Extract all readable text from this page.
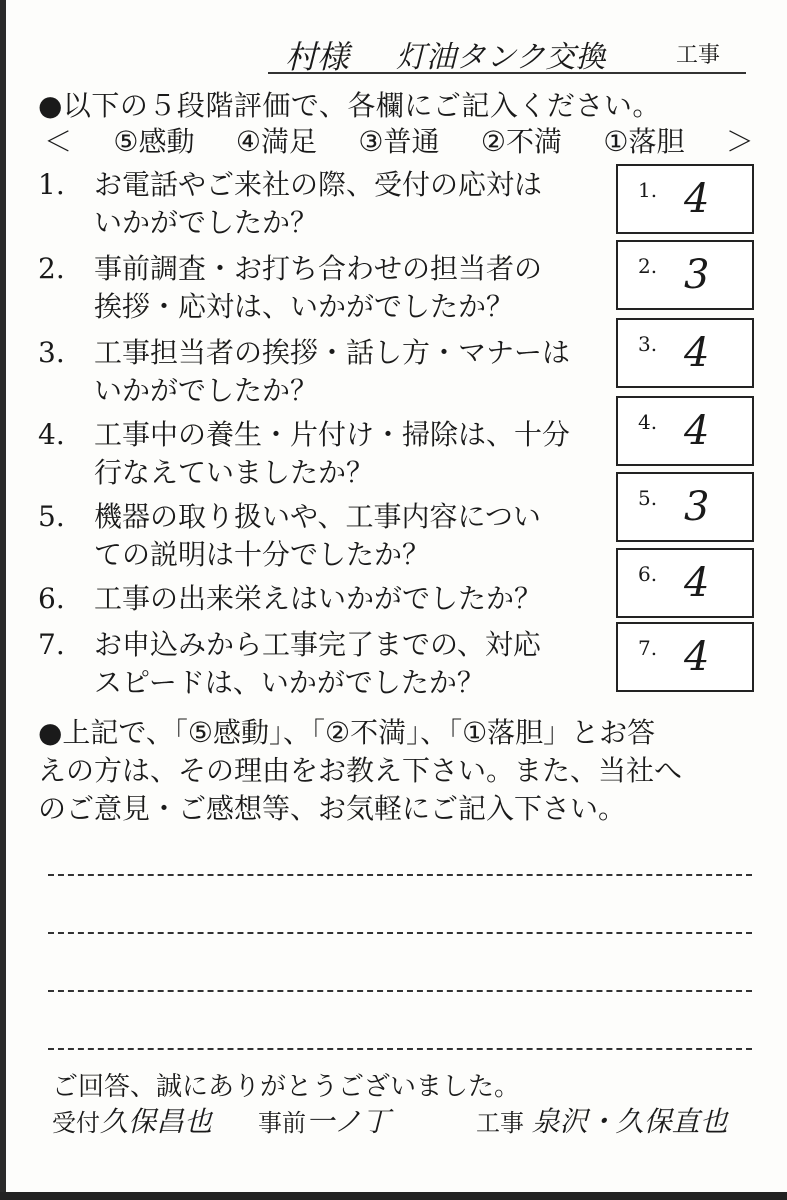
村様 灯油タンク交換	工事
●以下の５段階評価で、各欄にご記入ください。
＜ ⑤感動 ④満足 ③普通 ②不満 ①落胆 ＞
1.	お電話やご来社の際、受付の応対は
いかがでしたか？
1. 4
2.	事前調査・お打ち合わせの担当者の
挨拶・応対は、いかがでしたか？
2. 3
3.	工事担当者の挨拶・話し方・マナーは
いかがでしたか？
3. 4
4.	工事中の養生・片付け・掃除は、十分
行なえていましたか？
4. 4
5.	機器の取り扱いや、工事内容につい
ての説明は十分でしたか？
5. 3
6.	工事の出来栄えはいかがでしたか？
6. 4
7.	お申込みから工事完了までの、対応
スピードは、いかがでしたか？
7. 4
●上記で、「⑤感動」、「②不満」、「①落胆」とお答
えの方は、その理由をお教え下さい。また、当社へ
のご意見・ご感想等、お気軽にご記入下さい。
ご回答、誠にありがとうございました。
受付久保昌也 事前一ノ丁	工事 泉沢・久保直也
